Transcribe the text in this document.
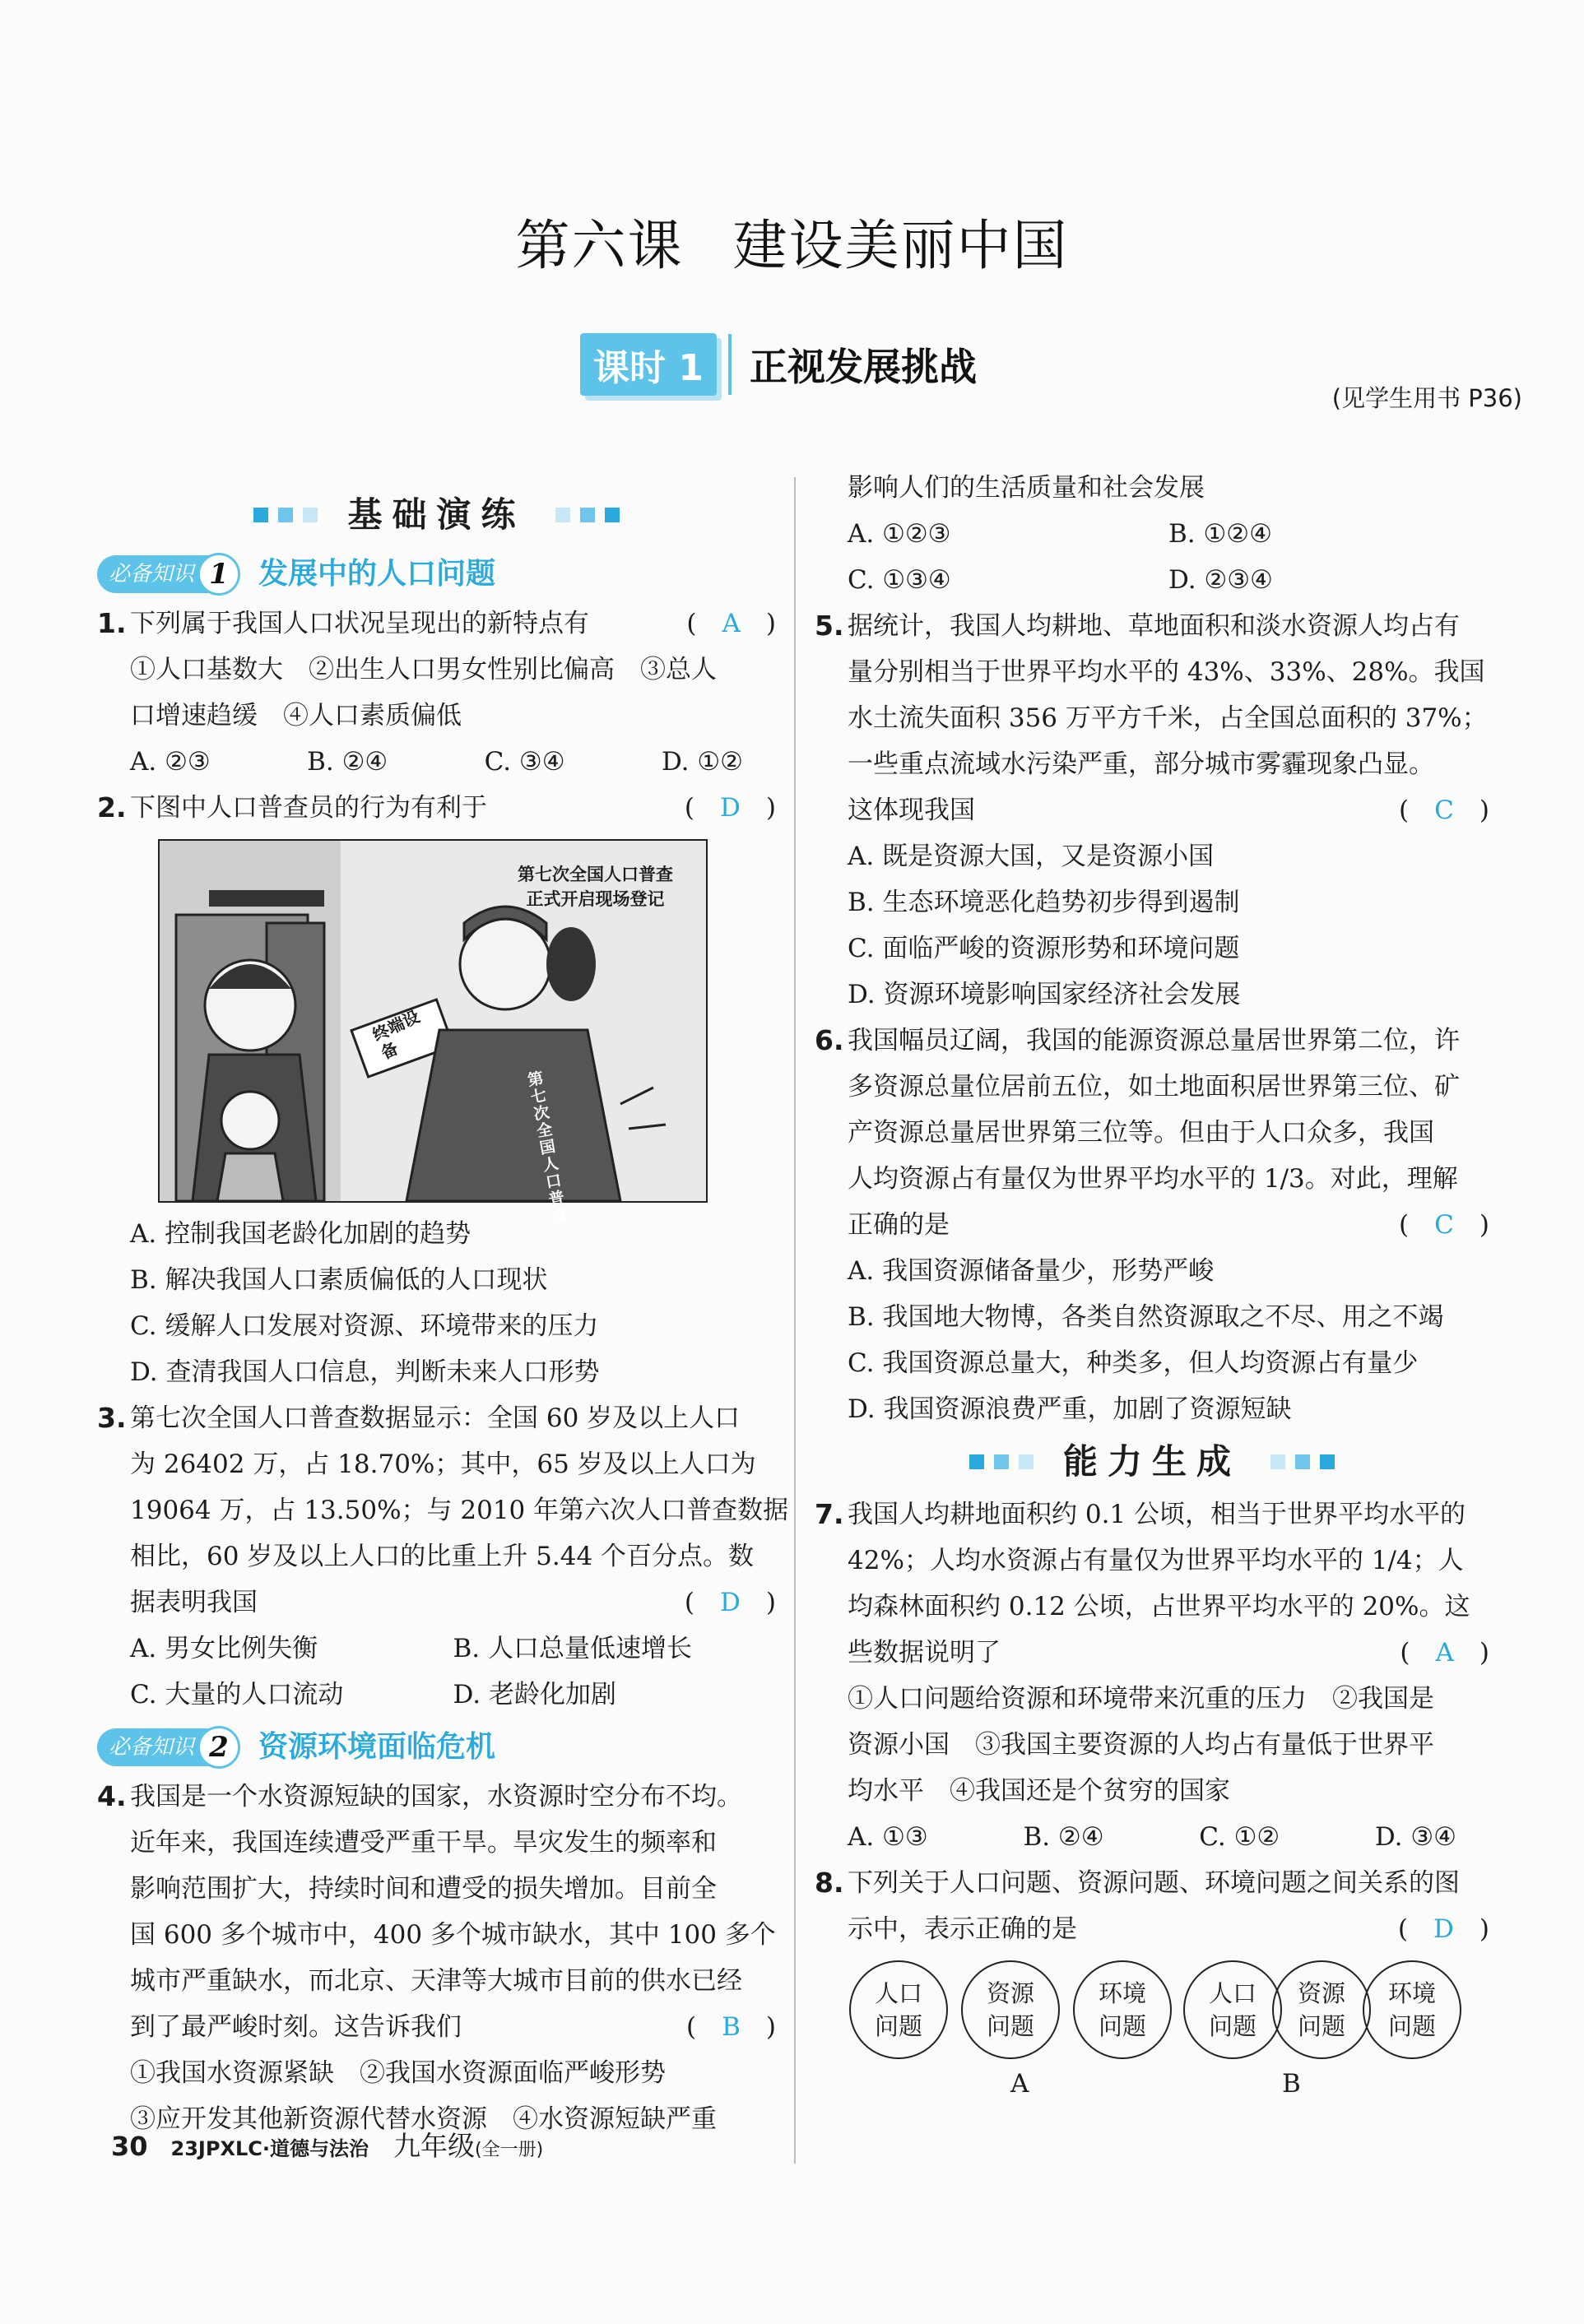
第六课 建设美丽中国
课时 1	正视发展挑战
(见学生用书 P36)
基础演练
必备知识 1	发展中的人口问题
1. 下列属于我国人口状况呈现出的新特点有	(　A　)
①人口基数大　②出生人口男女性别比偏高　③总人
口增速趋缓　④人口素质偏低
A. ②③	B. ②④	C. ③④	D. ①②
2. 下图中人口普查员的行为有利于	(　D　)
第七次全国人口普查
正式开启现场登记
终端设备
第七次全国人口普查
A. 控制我国老龄化加剧的趋势
B. 解决我国人口素质偏低的人口现状
C. 缓解人口发展对资源、环境带来的压力
D. 查清我国人口信息，判断未来人口形势
3. 第七次全国人口普查数据显示：全国 60 岁及以上人口
为 26402 万，占 18.70%；其中，65 岁及以上人口为
19064 万，占 13.50%；与 2010 年第六次人口普查数据
相比，60 岁及以上人口的比重上升 5.44 个百分点。数
据表明我国	(　D　)
A. 男女比例失衡	B. 人口总量低速增长
C. 大量的人口流动	D. 老龄化加剧
必备知识 2	资源环境面临危机
4. 我国是一个水资源短缺的国家，水资源时空分布不均。
近年来，我国连续遭受严重干旱。旱灾发生的频率和
影响范围扩大，持续时间和遭受的损失增加。目前全
国 600 多个城市中，400 多个城市缺水，其中 100 多个
城市严重缺水，而北京、天津等大城市目前的供水已经
到了最严峻时刻。这告诉我们	(　B　)
①我国水资源紧缺　②我国水资源面临严峻形势
③应开发其他新资源代替水资源　④水资源短缺严重
影响人们的生活质量和社会发展
A. ①②③	B. ①②④
C. ①③④	D. ②③④
5. 据统计，我国人均耕地、草地面积和淡水资源人均占有
量分别相当于世界平均水平的 43%、33%、28%。我国
水土流失面积 356 万平方千米，占全国总面积的 37%；
一些重点流域水污染严重，部分城市雾霾现象凸显。
这体现我国	(　C　)
A. 既是资源大国，又是资源小国
B. 生态环境恶化趋势初步得到遏制
C. 面临严峻的资源形势和环境问题
D. 资源环境影响国家经济社会发展
6. 我国幅员辽阔，我国的能源资源总量居世界第二位，许
多资源总量位居前五位，如土地面积居世界第三位、矿
产资源总量居世界第三位等。但由于人口众多，我国
人均资源占有量仅为世界平均水平的 1/3。对此，理解
正确的是	(　C　)
A. 我国资源储备量少，形势严峻
B. 我国地大物博，各类自然资源取之不尽、用之不竭
C. 我国资源总量大，种类多，但人均资源占有量少
D. 我国资源浪费严重，加剧了资源短缺
能力生成
7. 我国人均耕地面积约 0.1 公顷，相当于世界平均水平的
42%；人均水资源占有量仅为世界平均水平的 1/4；人
均森林面积约 0.12 公顷，占世界平均水平的 20%。这
些数据说明了	(　A　)
①人口问题给资源和环境带来沉重的压力　②我国是
资源小国　③我国主要资源的人均占有量低于世界平
均水平　④我国还是个贫穷的国家
A. ①③	B. ②④	C. ①②	D. ③④
8. 下列关于人口问题、资源问题、环境问题之间关系的图
示中，表示正确的是	(　D　)
人口
问题
资源
问题
环境
问题
人口
问题
资源
问题
环境
问题
A	B
30 23JPXLC·道德与法治 九年级(全一册)
